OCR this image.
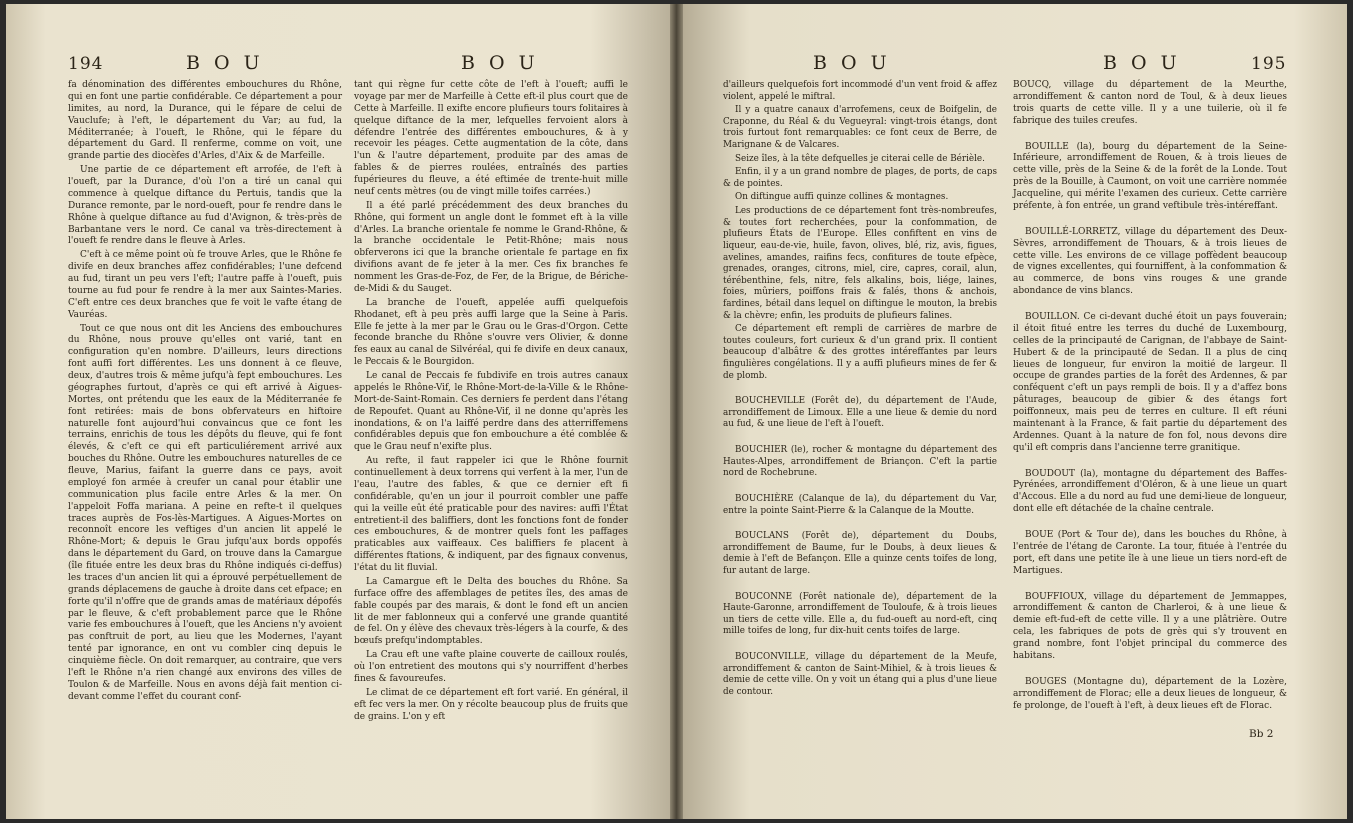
194	B O U	B O U

fa dénomination des différentes embouchures du Rhône, qui en font une partie confidérable. Ce département a pour limites, au nord, la Durance, qui le fépare de celui de Vauclufe; à l'eft, le département du Var; au fud, la Méditerranée; à l'oueft, le Rhône, qui le fépare du département du Gard. Il renferme, comme on voit, une grande partie des diocèfes d'Arles, d'Aix & de Marfeille.

Une partie de ce département eft arrofée, de l'eft à l'oueft, par la Durance, d'où l'on a tiré un canal qui commence à quelque diftance du Pertuis, tandis que la Durance remonte, par le nord-oueft, pour fe rendre dans le Rhône à quelque diftance au fud d'Avignon, & très-près de Barbantane vers le nord. Ce canal va très-directement à l'oueft fe rendre dans le fleuve à Arles.

C'eft à ce même point où fe trouve Arles, que le Rhône fe divife en deux branches affez confidérables; l'une defcend au fud, tirant un peu vers l'eft; l'autre paffe à l'oueft, puis tourne au fud pour fe rendre à la mer aux Saintes-Maries. C'eft entre ces deux branches que fe voit le vafte étang de Vauréas.

Tout ce que nous ont dit les Anciens des embouchures du Rhône, nous prouve qu'elles ont varié, tant en configuration qu'en nombre. D'ailleurs, leurs directions font auffi fort différentes. Les uns donnent à ce fleuve, deux, d'autres trois & même jufqu'à fept embouchures. Les géographes furtout, d'après ce qui eft arrivé à Aigues-Mortes, ont prétendu que les eaux de la Méditerranée fe font retirées: mais de bons obfervateurs en hiftoire naturelle font aujourd'hui convaincus que ce font les terrains, enrichis de tous les dépôts du fleuve, qui fe font élevés, & c'eft ce qui eft particuliérement arrivé aux bouches du Rhône. Outre les embouchures naturelles de ce fleuve, Marius, faifant la guerre dans ce pays, avoit employé fon armée à creufer un canal pour établir une communication plus facile entre Arles & la mer. On l'appeloit Foffa mariana. A peine en refte-t il quelques traces auprès de Fos-lès-Martigues. A Aigues-Mortes on reconnoît encore les veftiges d'un ancien lit appelé le Rhône-Mort; & depuis le Grau jufqu'aux bords oppofés dans le département du Gard, on trouve dans la Camargue (île fituée entre les deux bras du Rhône indiqués ci-deffus) les traces d'un ancien lit qui a éprouvé perpétuellement de grands déplacemens de gauche à droite dans cet efpace; en forte qu'il n'offre que de grands amas de matériaux dépofés par le fleuve, & c'eft probablement parce que le Rhône varie fes embouchures à l'oueft, que les Anciens n'y avoient pas conftruit de port, au lieu que les Modernes, l'ayant tenté par ignorance, en ont vu combler cinq depuis le cinquième fiècle. On doit remarquer, au contraire, que vers l'eft le Rhône n'a rien changé aux environs des villes de Toulon & de Marfeille. Nous en avons déjà fait mention ci-devant comme l'effet du courant conf-

tant qui règne fur cette côte de l'eft à l'oueft; auffi le voyage par mer de Marfeille à Cette eft-il plus court que de Cette à Marfeille. Il exifte encore plufieurs tours folitaires à quelque diftance de la mer, lefquelles fervoient alors à défendre l'entrée des différentes embouchures, & à y recevoir les péages. Cette augmentation de la côte, dans l'un & l'autre département, produite par des amas de fables & de pierres roulées, entraînés des parties fupérieures du fleuve, a été eftimée de trente-huit mille neuf cents mètres (ou de vingt mille toifes carrées.)

Il a été parlé précédemment des deux branches du Rhône, qui forment un angle dont le fommet eft à la ville d'Arles. La branche orientale fe nomme le Grand-Rhône, & la branche occidentale le Petit-Rhône; mais nous obferverons ici que la branche orientale fe partage en fix divifions avant de fe jeter à la mer. Ces fix branches fe nomment les Gras-de-Foz, de Fer, de la Brigue, de Bériche-de-Midi & du Sauget.

La branche de l'oueft, appelée auffi quelquefois Rhodanet, eft à peu près auffi large que la Seine à Paris. Elle fe jette à la mer par le Grau ou le Gras-d'Orgon. Cette feconde branche du Rhône s'ouvre vers Olivier, & donne fes eaux au canal de Silvéréal, qui fe divife en deux canaux, le Peccais & le Bourgidon.

Le canal de Peccais fe fubdivife en trois autres canaux appelés le Rhône-Vif, le Rhône-Mort-de-la-Ville & le Rhône-Mort-de-Saint-Romain. Ces derniers fe perdent dans l'étang de Repoufet. Quant au Rhône-Vif, il ne donne qu'après les inondations, & on l'a laiffé perdre dans des atterriffemens confidérables depuis que fon embouchure a été comblée & que le Grau neuf n'exifte plus.

Au refte, il faut rappeler ici que le Rhône fournit continuellement à deux torrens qui verfent à la mer, l'un de l'eau, l'autre des fables, & que ce dernier eft fi confidérable, qu'en un jour il pourroit combler une paffe qui la veille eût été praticable pour des navires: auffi l'État entretient-il des baliffiers, dont les fonctions font de fonder ces embouchures, & de montrer quels font les paffages praticables aux vaiffeaux. Ces baliffiers fe placent à différentes ftations, & indiquent, par des fignaux convenus, l'état du lit fluvial.

La Camargue eft le Delta des bouches du Rhône. Sa furface offre des affemblages de petites îles, des amas de fable coupés par des marais, & dont le fond eft un ancien lit de mer fablonneux qui a confervé une grande quantité de fel. On y élève des chevaux très-légers à la courfe, & des bœufs prefqu'indomptables.

La Crau eft une vafte plaine couverte de cailloux roulés, où l'on entretient des moutons qui s'y nourriffent d'herbes fines & favoureufes.

Le climat de ce département eft fort varié. En général, il eft fec vers la mer. On y récolte beaucoup plus de fruits que de grains. L'on y eft

B O U	B O U	195

d'ailleurs quelquefois fort incommodé d'un vent froid & affez violent, appelé le miftral.

Il y a quatre canaux d'arrofemens, ceux de Boifgelin, de Craponne, du Réal & du Vegueyral: vingt-trois étangs, dont trois furtout font remarquables: ce font ceux de Berre, de Marignane & de Valcares.

Seize îles, à la tête defquelles je citerai celle de Bérièle.

Enfin, il y a un grand nombre de plages, de ports, de caps & de pointes.

On diftingue auffi quinze collines & montagnes.

Les productions de ce département font très-nombreufes, & toutes fort recherchées, pour la confommation, de plufieurs États de l'Europe. Elles confiftent en vins de liqueur, eau-de-vie, huile, favon, olives, blé, riz, avis, figues, avelines, amandes, raifins fecs, confitures de toute efpèce, grenades, oranges, citrons, miel, cire, capres, corail, alun, térébenthine, fels, nitre, fels alkalins, bois, liége, laines, foies, mûriers, poiffons frais & falés, thons & anchois, fardines, bétail dans lequel on diftingue le mouton, la brebis & la chèvre; enfin, les produits de plufieurs falines.

Ce département eft rempli de carrières de marbre de toutes couleurs, fort curieux & d'un grand prix. Il contient beaucoup d'albâtre & des grottes intéreffantes par leurs fingulières congélations. Il y a auffi plufieurs mines de fer & de plomb.

BOUCHEVILLE (Forêt de), du département de l'Aude, arrondiffement de Limoux. Elle a une lieue & demie du nord au fud, & une lieue de l'eft à l'oueft.

BOUCHIER (le), rocher & montagne du département des Hautes-Alpes, arrondiffement de Briançon. C'eft la partie nord de Rochebrune.

BOUCHIÈRE (Calanque de la), du département du Var, entre la pointe Saint-Pierre & la Calanque de la Moutte.

BOUCLANS (Forêt de), département du Doubs, arrondiffement de Baume, fur le Doubs, à deux lieues & demie à l'eft de Befançon. Elle a quinze cents toifes de long, fur autant de large.

BOUCONNE (Forêt nationale de), département de la Haute-Garonne, arrondiffement de Touloufe, & à trois lieues un tiers de cette ville. Elle a, du fud-oueft au nord-eft, cinq mille toifes de long, fur dix-huit cents toifes de large.

BOUCONVILLE, village du département de la Meufe, arrondiffement & canton de Saint-Mihiel, & à trois lieues & demie de cette ville. On y voit un étang qui a plus d'une lieue de contour.

BOUCQ, village du département de la Meurthe, arrondiffement & canton nord de Toul, & à deux lieues trois quarts de cette ville. Il y a une tuilerie, où il fe fabrique des tuiles creufes.

BOUILLE (la), bourg du département de la Seine-Inférieure, arrondiffement de Rouen, & à trois lieues de cette ville, près de la Seine & de la forêt de la Londe. Tout près de la Bouille, à Caumont, on voit une carrière nommée Jacqueline, qui mérite l'examen des curieux. Cette carrière préfente, à fon entrée, un grand veftibule très-intéreffant.

BOUILLÉ-LORRETZ, village du département des Deux-Sèvres, arrondiffement de Thouars, & à trois lieues de cette ville. Les environs de ce village poffèdent beaucoup de vignes excellentes, qui fourniffent, à la confommation & au commerce, de bons vins rouges & une grande abondance de vins blancs.

BOUILLON. Ce ci-devant duché étoit un pays fouverain; il étoit fitué entre les terres du duché de Luxembourg, celles de la principauté de Carignan, de l'abbaye de Saint-Hubert & de la principauté de Sedan. Il a plus de cinq lieues de longueur, fur environ la moitié de largeur. Il occupe de grandes parties de la forêt des Ardennes, & par conféquent c'eft un pays rempli de bois. Il y a d'affez bons pâturages, beaucoup de gibier & des étangs fort poiffonneux, mais peu de terres en culture. Il eft réuni maintenant à la France, & fait partie du département des Ardennes. Quant à la nature de fon fol, nous devons dire qu'il eft compris dans l'ancienne terre granitique.

BOUDOUT (la), montagne du département des Baffes-Pyrénées, arrondiffement d'Oléron, & à une lieue un quart d'Accous. Elle a du nord au fud une demi-lieue de longueur, dont elle eft détachée de la chaîne centrale.

BOUE (Port & Tour de), dans les bouches du Rhône, à l'entrée de l'étang de Caronte. La tour, fituée à l'entrée du port, eft dans une petite île à une lieue un tiers nord-eft de Martigues.

BOUFFIOUX, village du département de Jemmappes, arrondiffement & canton de Charleroi, & à une lieue & demie eft-fud-eft de cette ville. Il y a une plâtrière. Outre cela, les fabriques de pots de grès qui s'y trouvent en grand nombre, font l'objet principal du commerce des habitans.

BOUGES (Montagne du), département de la Lozère, arrondiffement de Florac; elle a deux lieues de longueur, & fe prolonge, de l'oueft à l'eft, à deux lieues eft de Florac.

Bb 2
